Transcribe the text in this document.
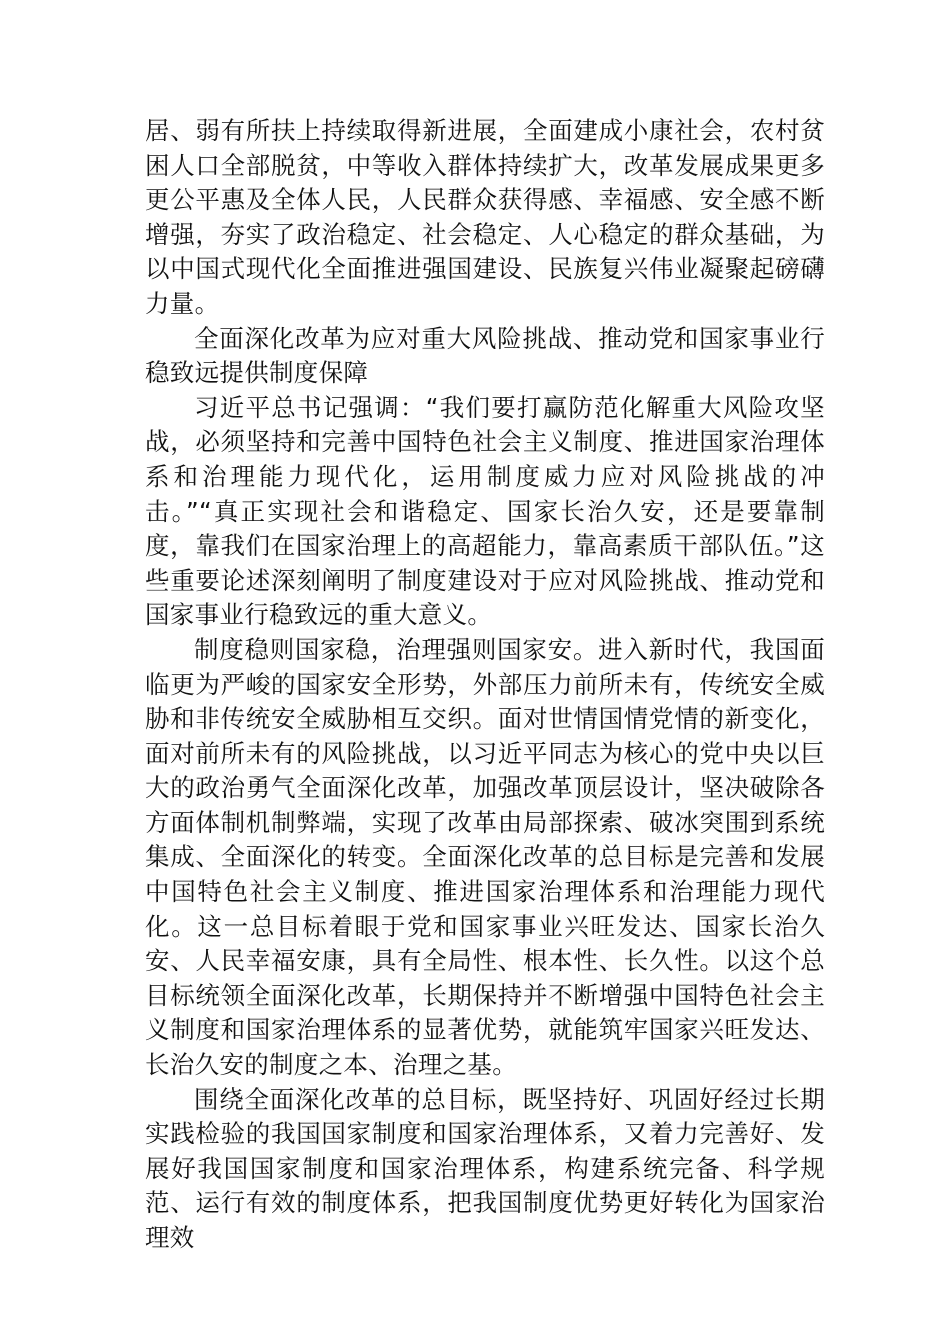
居、弱有所扶上持续取得新进展，全面建成小康社会，农村贫困人口全部脱贫，中等收入群体持续扩大，改革发展成果更多更公平惠及全体人民，人民群众获得感、幸福感、安全感不断增强，夯实了政治稳定、社会稳定、人心稳定的群众基础，为以中国式现代化全面推进强国建设、民族复兴伟业凝聚起磅礴力量。

全面深化改革为应对重大风险挑战、推动党和国家事业行稳致远提供制度保障

习近平总书记强调：“我们要打赢防范化解重大风险攻坚战，必须坚持和完善中国特色社会主义制度、推进国家治理体系和治理能力现代化，运用制度威力应对风险挑战的冲击。”“真正实现社会和谐稳定、国家长治久安，还是要靠制度，靠我们在国家治理上的高超能力，靠高素质干部队伍。”这些重要论述深刻阐明了制度建设对于应对风险挑战、推动党和国家事业行稳致远的重大意义。

制度稳则国家稳，治理强则国家安。进入新时代，我国面临更为严峻的国家安全形势，外部压力前所未有，传统安全威胁和非传统安全威胁相互交织。面对世情国情党情的新变化，面对前所未有的风险挑战，以习近平同志为核心的党中央以巨大的政治勇气全面深化改革，加强改革顶层设计，坚决破除各方面体制机制弊端，实现了改革由局部探索、破冰突围到系统集成、全面深化的转变。全面深化改革的总目标是完善和发展中国特色社会主义制度、推进国家治理体系和治理能力现代化。这一总目标着眼于党和国家事业兴旺发达、国家长治久安、人民幸福安康，具有全局性、根本性、长久性。以这个总目标统领全面深化改革，长期保持并不断增强中国特色社会主义制度和国家治理体系的显著优势，就能筑牢国家兴旺发达、长治久安的制度之本、治理之基。

围绕全面深化改革的总目标，既坚持好、巩固好经过长期实践检验的我国国家制度和国家治理体系，又着力完善好、发展好我国国家制度和国家治理体系，构建系统完备、科学规范、运行有效的制度体系，把我国制度优势更好转化为国家治理效
